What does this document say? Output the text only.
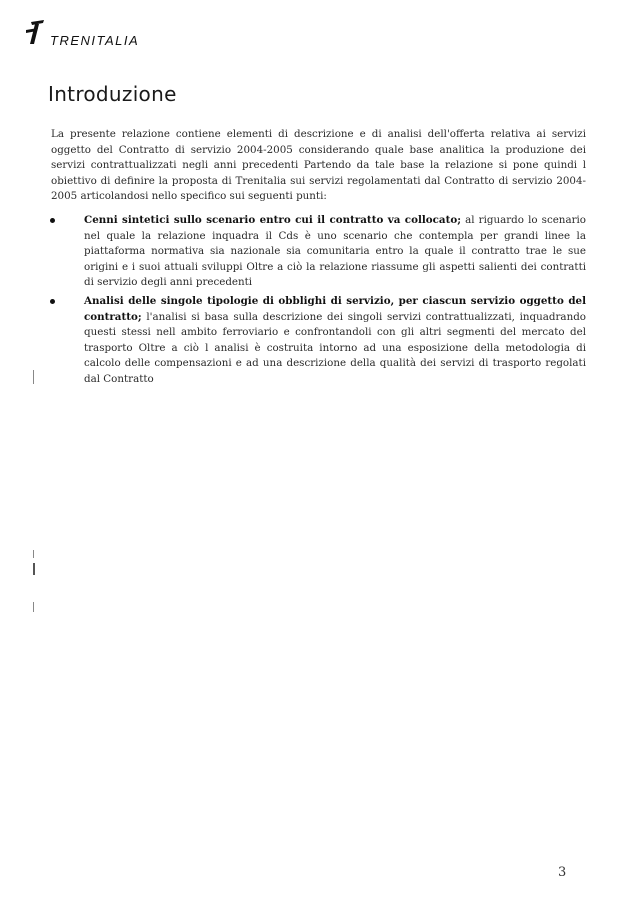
TRENITALIA
Introduzione

La presente relazione contiene elementi di descrizione e di analisi dell'offerta relativa ai servizi oggetto del Contratto di servizio 2004-2005 considerando quale base analitica la produzione dei servizi contrattualizzati negli anni precedenti Partendo da tale base la relazione si pone quindi l obiettivo di definire la proposta di Trenitalia sui servizi regolamentati dal Contratto di servizio 2004-2005 articolandosi nello specifico sui seguenti punti:

Cenni sintetici sullo scenario entro cui il contratto va collocato; al riguardo lo scenario nel quale la relazione inquadra il Cds è uno scenario che contempla per grandi linee la piattaforma normativa sia nazionale sia comunitaria entro la quale il contratto trae le sue origini e i suoi attuali sviluppi Oltre a ciò la relazione riassume gli aspetti salienti dei contratti di servizio degli anni precedenti
Analisi delle singole tipologie di obblighi di servizio, per ciascun servizio oggetto del contratto; l'analisi si basa sulla descrizione dei singoli servizi contrattualizzati, inquadrando questi stessi nell ambito ferroviario e confrontandoli con gli altri segmenti del mercato del trasporto Oltre a ciò l analisi è costruita intorno ad una esposizione della metodologia di calcolo delle compensazioni e ad una descrizione della qualità dei servizi di trasporto regolati dal Contratto
3
